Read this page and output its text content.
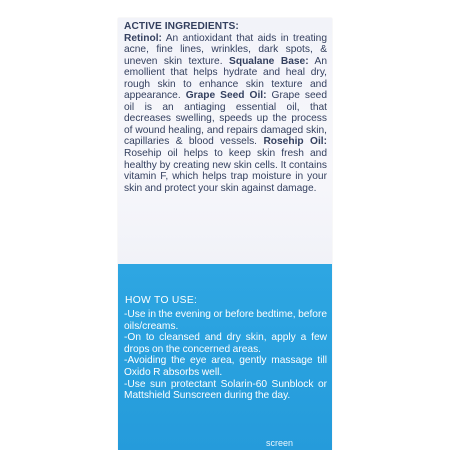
ACTIVE INGREDIENTS:
Retinol: An antioxidant that aids in treating acne, fine lines, wrinkles, dark spots, & uneven skin texture. Squalane Base: An emollient that helps hydrate and heal dry, rough skin to enhance skin texture and appearance. Grape Seed Oil: Grape seed oil is an antiaging essential oil, that decreases swelling, speeds up the process of wound healing, and repairs damaged skin, capillaries & blood vessels. Rosehip Oil: Rosehip oil helps to keep skin fresh and healthy by creating new skin cells. It contains vitamin F, which helps trap moisture in your skin and protect your skin against damage.

HOW TO USE:
-Use in the evening or before bedtime, before oils/creams.
-On to cleansed and dry skin, apply a few drops on the concerned areas.
-Avoiding the eye area, gently massage till Oxido R absorbs well.
-Use sun protectant Solarin-60 Sunblock or Mattshield Sunscreen during the day.

screen
